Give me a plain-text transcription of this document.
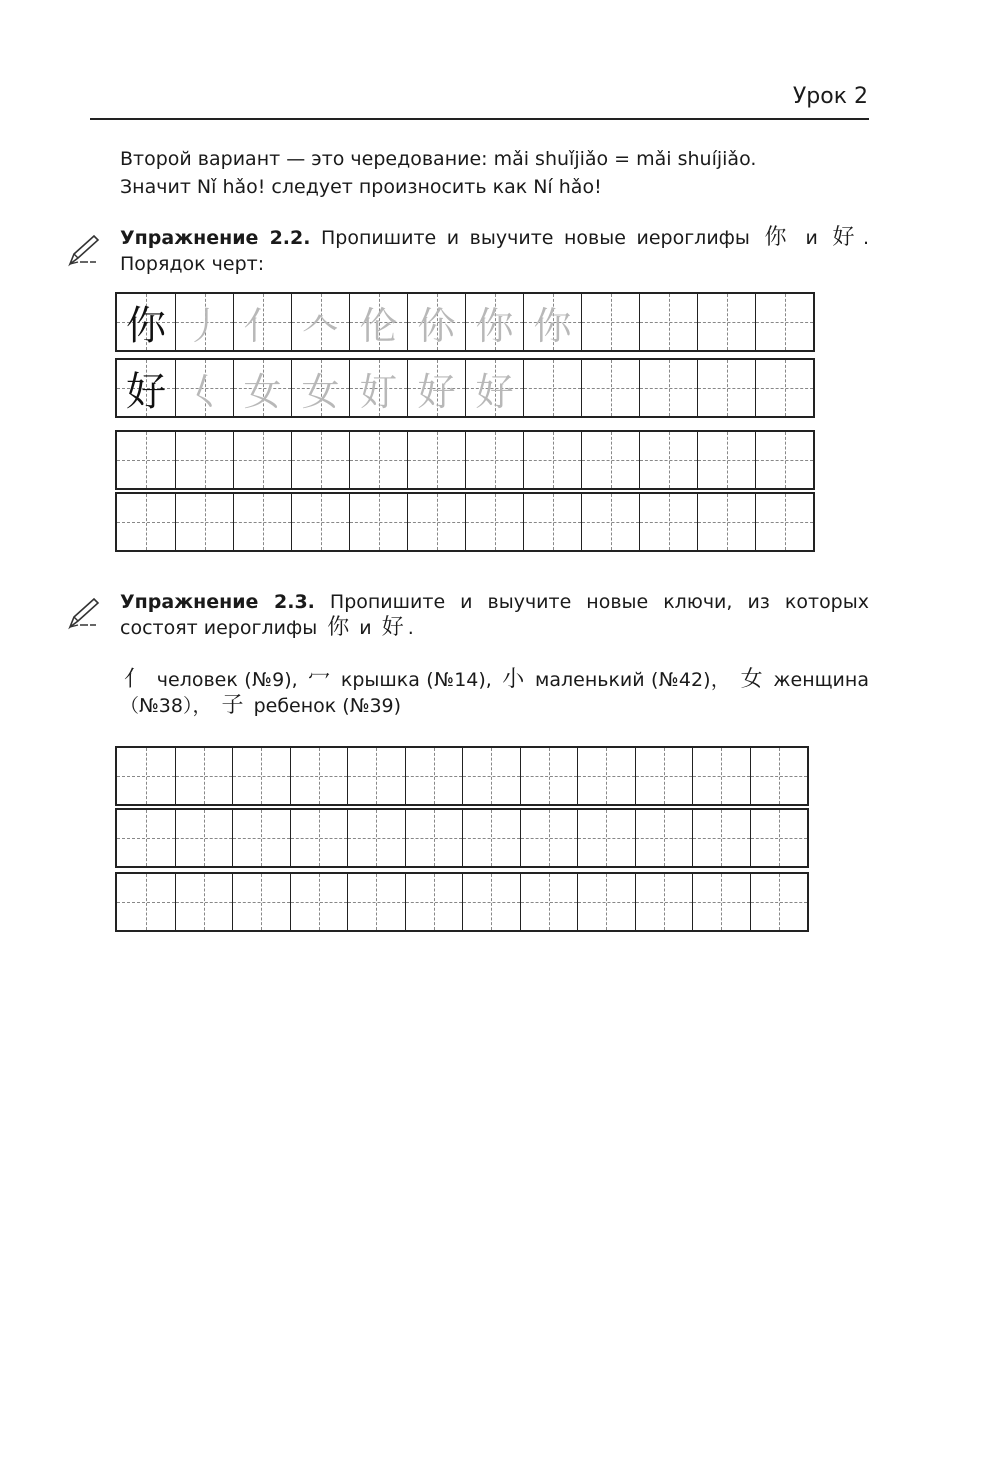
Урок 2
Второй вариант — это чередование: mǎi shuǐjiǎo = mǎi shuíjiǎo.
Значит Nǐ hǎo! следует произносить как Ní hǎo!
Упражнение 2.2. Пропишите и выучите новые иероглифы 你 и 好 . Порядок черт:
你 丿 亻 𠆢 伦 伱 你 你
好 𡿨 女 女 奵 好 好
Упражнение 2.3. Пропишите и выучите новые ключи, из которых состоят иероглифы 你 и 好 .
亻 человек (№9), 冖 крышка (№14), 小 маленький (№42)， 女 женщина （№38）， 子 ребенок (№39)
